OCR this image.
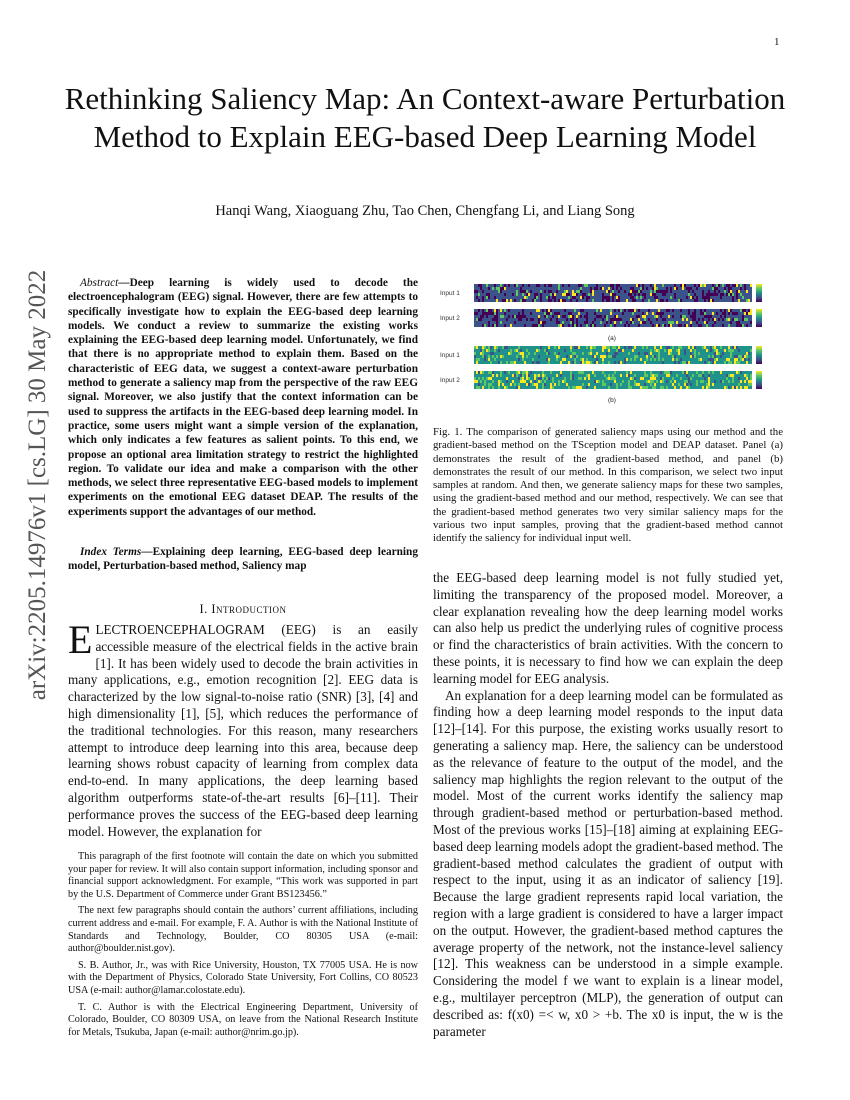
1
Rethinking Saliency Map: An Context-aware Perturbation Method to Explain EEG-based Deep Learning Model
Hanqi Wang, Xiaoguang Zhu, Tao Chen, Chengfang Li, and Liang Song
arXiv:2205.14976v1 [cs.LG] 30 May 2022	Abstract—Deep learning is widely used to decode the electroencephalogram (EEG) signal. However, there are few attempts to specifically investigate how to explain the EEG-based deep learning models. We conduct a review to summarize the existing works explaining the EEG-based deep learning model. Unfortunately, we find that there is no appropriate method to explain them. Based on the characteristic of EEG data, we suggest a context-aware perturbation method to generate a saliency map from the perspective of the raw EEG signal. Moreover, we also justify that the context information can be used to suppress the artifacts in the EEG-based deep learning model. In practice, some users might want a simple version of the explanation, which only indicates a few features as salient points. To this end, we propose an optional area limitation strategy to restrict the highlighted region. To validate our idea and make a comparison with the other methods, we select three representative EEG-based models to implement experiments on the emotional EEG dataset DEAP. The results of the experiments support the advantages of our method.
Index Terms—Explaining deep learning, EEG-based deep learning model, Perturbation-based method, Saliency map
I. Introduction
ELECTROENCEPHALOGRAM (EEG) is an easily accessible measure of the electrical fields in the active brain [1]. It has been widely used to decode the brain activities in many applications, e.g., emotion recognition [2]. EEG data is characterized by the low signal-to-noise ratio (SNR) [3], [4] and high dimensionality [1], [5], which reduces the performance of the traditional technologies. For this reason, many researchers attempt to introduce deep learning into this area, because deep learning shows robust capacity of learning from complex data end-to-end. In many applications, the deep learning based algorithm outperforms state-of-the-art results [6]–[11]. Their performance proves the success of the EEG-based deep learning model. However, the explanation for

This paragraph of the first footnote will contain the date on which you submitted your paper for review. It will also contain support information, including sponsor and financial support acknowledgment. For example, “This work was supported in part by the U.S. Department of Commerce under Grant BS123456.”

The next few paragraphs should contain the authors’ current affiliations, including current address and e-mail. For example, F. A. Author is with the National Institute of Standards and Technology, Boulder, CO 80305 USA (e-mail: author@boulder.nist.gov).

S. B. Author, Jr., was with Rice University, Houston, TX 77005 USA. He is now with the Department of Physics, Colorado State University, Fort Collins, CO 80523 USA (e-mail: author@lamar.colostate.edu).

T. C. Author is with the Electrical Engineering Department, University of Colorado, Boulder, CO 80309 USA, on leave from the National Research Institute for Metals, Tsukuba, Japan (e-mail: author@nrim.go.jp).

Input 1
Input 2
Input 1
Input 2
(a)
(b)
Fig. 1. The comparison of generated saliency maps using our method and the gradient-based method on the TSception model and DEAP dataset. Panel (a) demonstrates the result of the gradient-based method, and panel (b) demonstrates the result of our method. In this comparison, we select two input samples at random. And then, we generate saliency maps for these two samples, using the gradient-based method and our method, respectively. We can see that the gradient-based method generates two very similar saliency maps for the various two input samples, proving that the gradient-based method cannot identify the saliency for individual input well.

the EEG-based deep learning model is not fully studied yet, limiting the transparency of the proposed model. Moreover, a clear explanation revealing how the deep learning model works can also help us predict the underlying rules of cognitive process or find the characteristics of brain activities. With the concern to these points, it is necessary to find how we can explain the deep learning model for EEG analysis.

An explanation for a deep learning model can be formulated as finding how a deep learning model responds to the input data [12]–[14]. For this purpose, the existing works usually resort to generating a saliency map. Here, the saliency can be understood as the relevance of feature to the output of the model, and the saliency map highlights the region relevant to the output of the model. Most of the current works identify the saliency map through gradient-based method or perturbation-based method. Most of the previous works [15]–[18] aiming at explaining EEG-based deep learning models adopt the gradient-based method. The gradient-based method calculates the gradient of output with respect to the input, using it as an indicator of saliency [19]. Because the large gradient represents rapid local variation, the region with a large gradient is considered to have a larger impact on the output. However, the gradient-based method captures the average property of the network, not the instance-level saliency [12]. This weakness can be understood in a simple example. Considering the model f we want to explain is a linear model, e.g., multilayer perceptron (MLP), the generation of output can described as: f(x0) =< w, x0 > +b. The x0 is input, the w is the parameter
